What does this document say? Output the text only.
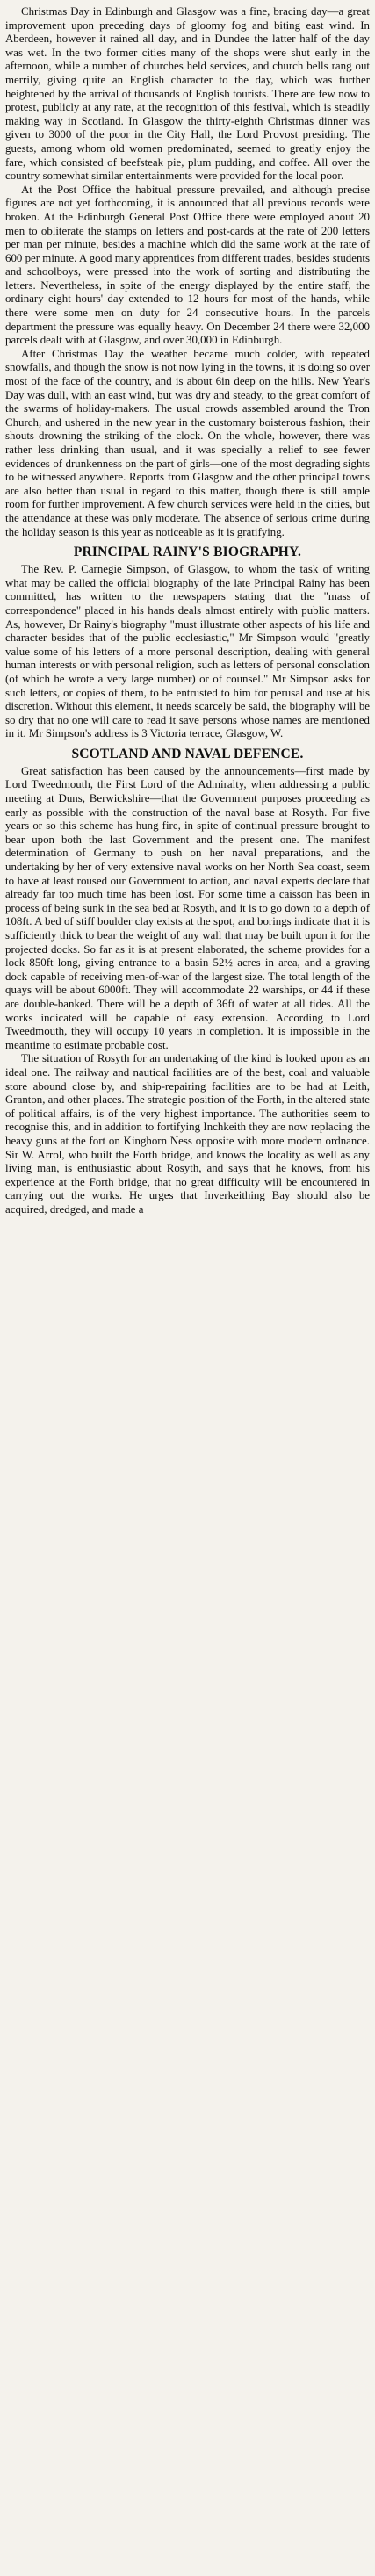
Christmas Day in Edinburgh and Glasgow was a fine, bracing day—a great improvement upon preceding days of gloomy fog and biting east wind. In Aberdeen, however it rained all day, and in Dundee the latter half of the day was wet. In the two former cities many of the shops were shut early in the afternoon, while a number of churches held services, and church bells rang out merrily, giving quite an English character to the day, which was further heightened by the arrival of thousands of English tourists. There are few now to protest, publicly at any rate, at the recognition of this festival, which is steadily making way in Scotland. In Glasgow the thirty-eighth Christmas dinner was given to 3000 of the poor in the City Hall, the Lord Provost presiding. The guests, among whom old women predominated, seemed to greatly enjoy the fare, which consisted of beefsteak pie, plum pudding, and coffee. All over the country somewhat similar entertainments were provided for the local poor.

At the Post Office the habitual pressure prevailed, and although precise figures are not yet forthcoming, it is announced that all previous records were broken. At the Edinburgh General Post Office there were employed about 20 men to obliterate the stamps on letters and post-cards at the rate of 200 letters per man per minute, besides a machine which did the same work at the rate of 600 per minute. A good many apprentices from different trades, besides students and schoolboys, were pressed into the work of sorting and distributing the letters. Nevertheless, in spite of the energy displayed by the entire staff, the ordinary eight hours' day extended to 12 hours for most of the hands, while there were some men on duty for 24 consecutive hours. In the parcels department the pressure was equally heavy. On December 24 there were 32,000 parcels dealt with at Glasgow, and over 30,000 in Edinburgh.

After Christmas Day the weather became much colder, with repeated snowfalls, and though the snow is not now lying in the towns, it is doing so over most of the face of the country, and is about 6in deep on the hills. New Year's Day was dull, with an east wind, but was dry and steady, to the great comfort of the swarms of holiday-makers. The usual crowds assembled around the Tron Church, and ushered in the new year in the customary boisterous fashion, their shouts drowning the striking of the clock. On the whole, however, there was rather less drinking than usual, and it was specially a relief to see fewer evidences of drunkenness on the part of girls—one of the most degrading sights to be witnessed anywhere. Reports from Glasgow and the other principal towns are also better than usual in regard to this matter, though there is still ample room for further improvement. A few church services were held in the cities, but the attendance at these was only moderate. The absence of serious crime during the holiday season is this year as noticeable as it is gratifying.

PRINCIPAL RAINY'S BIOGRAPHY.

The Rev. P. Carnegie Simpson, of Glasgow, to whom the task of writing what may be called the official biography of the late Principal Rainy has been committed, has written to the newspapers stating that the "mass of correspondence" placed in his hands deals almost entirely with public matters. As, however, Dr Rainy's biography "must illustrate other aspects of his life and character besides that of the public ecclesiastic," Mr Simpson would "greatly value some of his letters of a more personal description, dealing with general human interests or with personal religion, such as letters of personal consolation (of which he wrote a very large number) or of counsel." Mr Simpson asks for such letters, or copies of them, to be entrusted to him for perusal and use at his discretion. Without this element, it needs scarcely be said, the biography will be so dry that no one will care to read it save persons whose names are mentioned in it. Mr Simpson's address is 3 Victoria terrace, Glasgow, W.

SCOTLAND AND NAVAL DEFENCE.

Great satisfaction has been caused by the announcements—first made by Lord Tweedmouth, the First Lord of the Admiralty, when addressing a public meeting at Duns, Berwickshire—that the Government purposes proceeding as early as possible with the construction of the naval base at Rosyth. For five years or so this scheme has hung fire, in spite of continual pressure brought to bear upon both the last Government and the present one. The manifest determination of Germany to push on her naval preparations, and the undertaking by her of very extensive naval works on her North Sea coast, seem to have at least roused our Government to action, and naval experts declare that already far too much time has been lost. For some time a caisson has been in process of being sunk in the sea bed at Rosyth, and it is to go down to a depth of 108ft. A bed of stiff boulder clay exists at the spot, and borings indicate that it is sufficiently thick to bear the weight of any wall that may be built upon it for the projected docks. So far as it is at present elaborated, the scheme provides for a lock 850ft long, giving entrance to a basin 52½ acres in area, and a graving dock capable of receiving men-of-war of the largest size. The total length of the quays will be about 6000ft. They will accommodate 22 warships, or 44 if these are double-banked. There will be a depth of 36ft of water at all tides. All the works indicated will be capable of easy extension. According to Lord Tweedmouth, they will occupy 10 years in completion. It is impossible in the meantime to estimate probable cost.

The situation of Rosyth for an undertaking of the kind is looked upon as an ideal one. The railway and nautical facilities are of the best, coal and valuable store abound close by, and ship-repairing facilities are to be had at Leith, Granton, and other places. The strategic position of the Forth, in the altered state of political affairs, is of the very highest importance. The authorities seem to recognise this, and in addition to fortifying Inchkeith they are now replacing the heavy guns at the fort on Kinghorn Ness opposite with more modern ordnance. Sir W. Arrol, who built the Forth bridge, and knows the locality as well as any living man, is enthusiastic about Rosyth, and says that he knows, from his experience at the Forth bridge, that no great difficulty will be encountered in carrying out the works. He urges that Inverkeithing Bay should also be acquired, dredged, and made a
